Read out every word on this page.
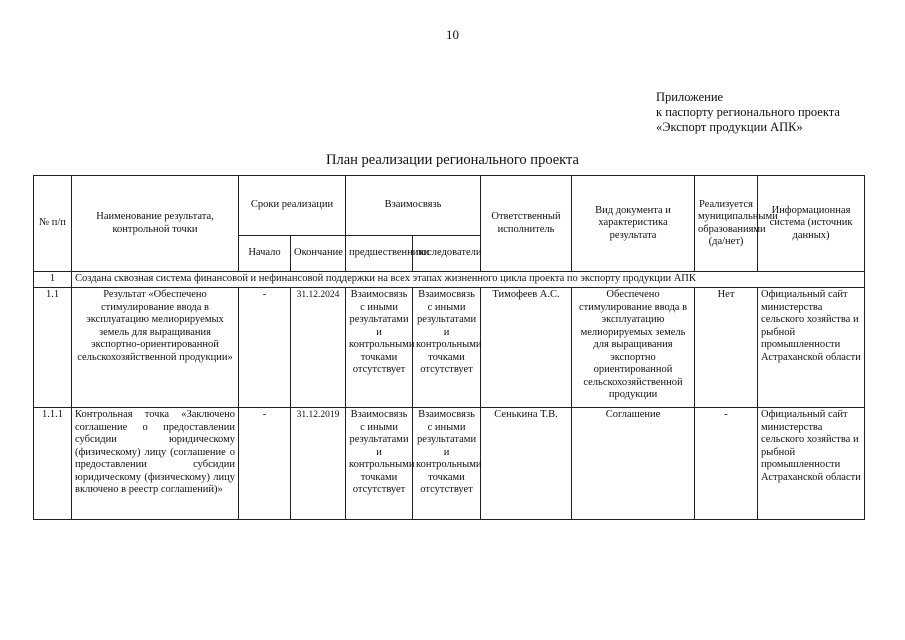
10
Приложение
к паспорту регионального проекта
«Экспорт продукции АПК»
План реализации регионального проекта
№ п/п	Наименование результата, контрольной точки	Сроки реализации		Взаимосвязь		Ответственный исполнитель	Вид документа и характеристика результата	Реализуется муниципальными образованиями (да/нет)	Информационная система (источник данных)
		Начало	Окончание	предшественники	последователи				
1	Создана сквозная система финансовой и нефинансовой поддержки на всех этапах жизненного цикла проекта по экспорту продукции АПК								
1.1	Результат «Обеспечено стимулирование ввода в эксплуатацию мелиорируемых земель для выращивания экспортно-ориентированной сельскохозяйственной продукции»	-	31.12.2024	Взаимосвязь с иными результатами и контрольными точками отсутствует	Взаимосвязь с иными результатами и контрольными точками отсутствует	Тимофеев А.С.	Обеспечено стимулирование ввода в эксплуатацию мелиорируемых земель для выращивания экспортно ориентированной сельскохозяйственной продукции	Нет	Официальный сайт министерства сельского хозяйства и рыбной промышленности Астраханской области
1.1.1	Контрольная точка «Заключено соглашение о предоставлении субсидии юридическому (физическому) лицу (соглашение о предоставлении субсидии юридическому (физическому) лицу включено в реестр соглашений)»	-	31.12.2019	Взаимосвязь с иными результатами и контрольными точками отсутствует	Взаимосвязь с иными результатами и контрольными точками отсутствует	Сенькина Т.В.	Соглашение	-	Официальный сайт министерства сельского хозяйства и рыбной промышленности Астраханской области
